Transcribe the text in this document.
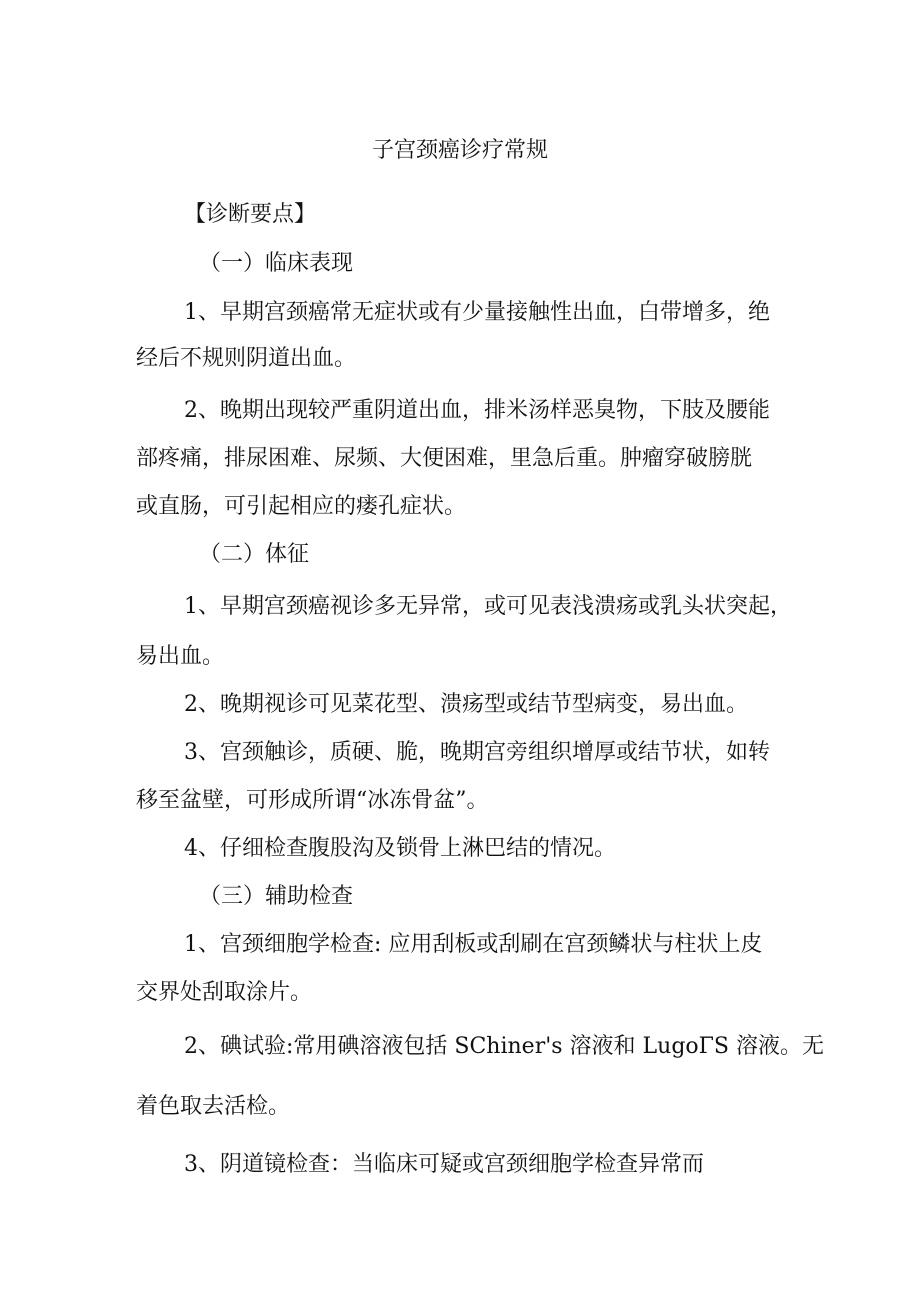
子宫颈癌诊疗常规
【诊断要点】
（一）临床表现
1、早期宫颈癌常无症状或有少量接触性出血，白带增多，绝
经后不规则阴道出血。
2、晚期出现较严重阴道出血，排米汤样恶臭物，下肢及腰能
部疼痛，排尿困难、尿频、大便困难，里急后重。肿瘤穿破膀胱
或直肠，可引起相应的瘘孔症状。
（二）体征
1、早期宫颈癌视诊多无异常，或可见表浅溃疡或乳头状突起，
易出血。
2、晚期视诊可见菜花型、溃疡型或结节型病变，易出血。
3、宫颈触诊，质硬、脆，晚期宫旁组织增厚或结节状，如转
移至盆壁，可形成所谓“冰冻骨盆”。
4、仔细检查腹股沟及锁骨上淋巴结的情况。
（三）辅助检查
1、宫颈细胞学检查: 应用刮板或刮刷在宫颈鳞状与柱状上皮
交界处刮取涂片。
2、碘试验:常用碘溶液包括 SChiner's 溶液和 LugoΓS 溶液。无
着色取去活检。
3、阴道镜检查：当临床可疑或宫颈细胞学检查异常而
